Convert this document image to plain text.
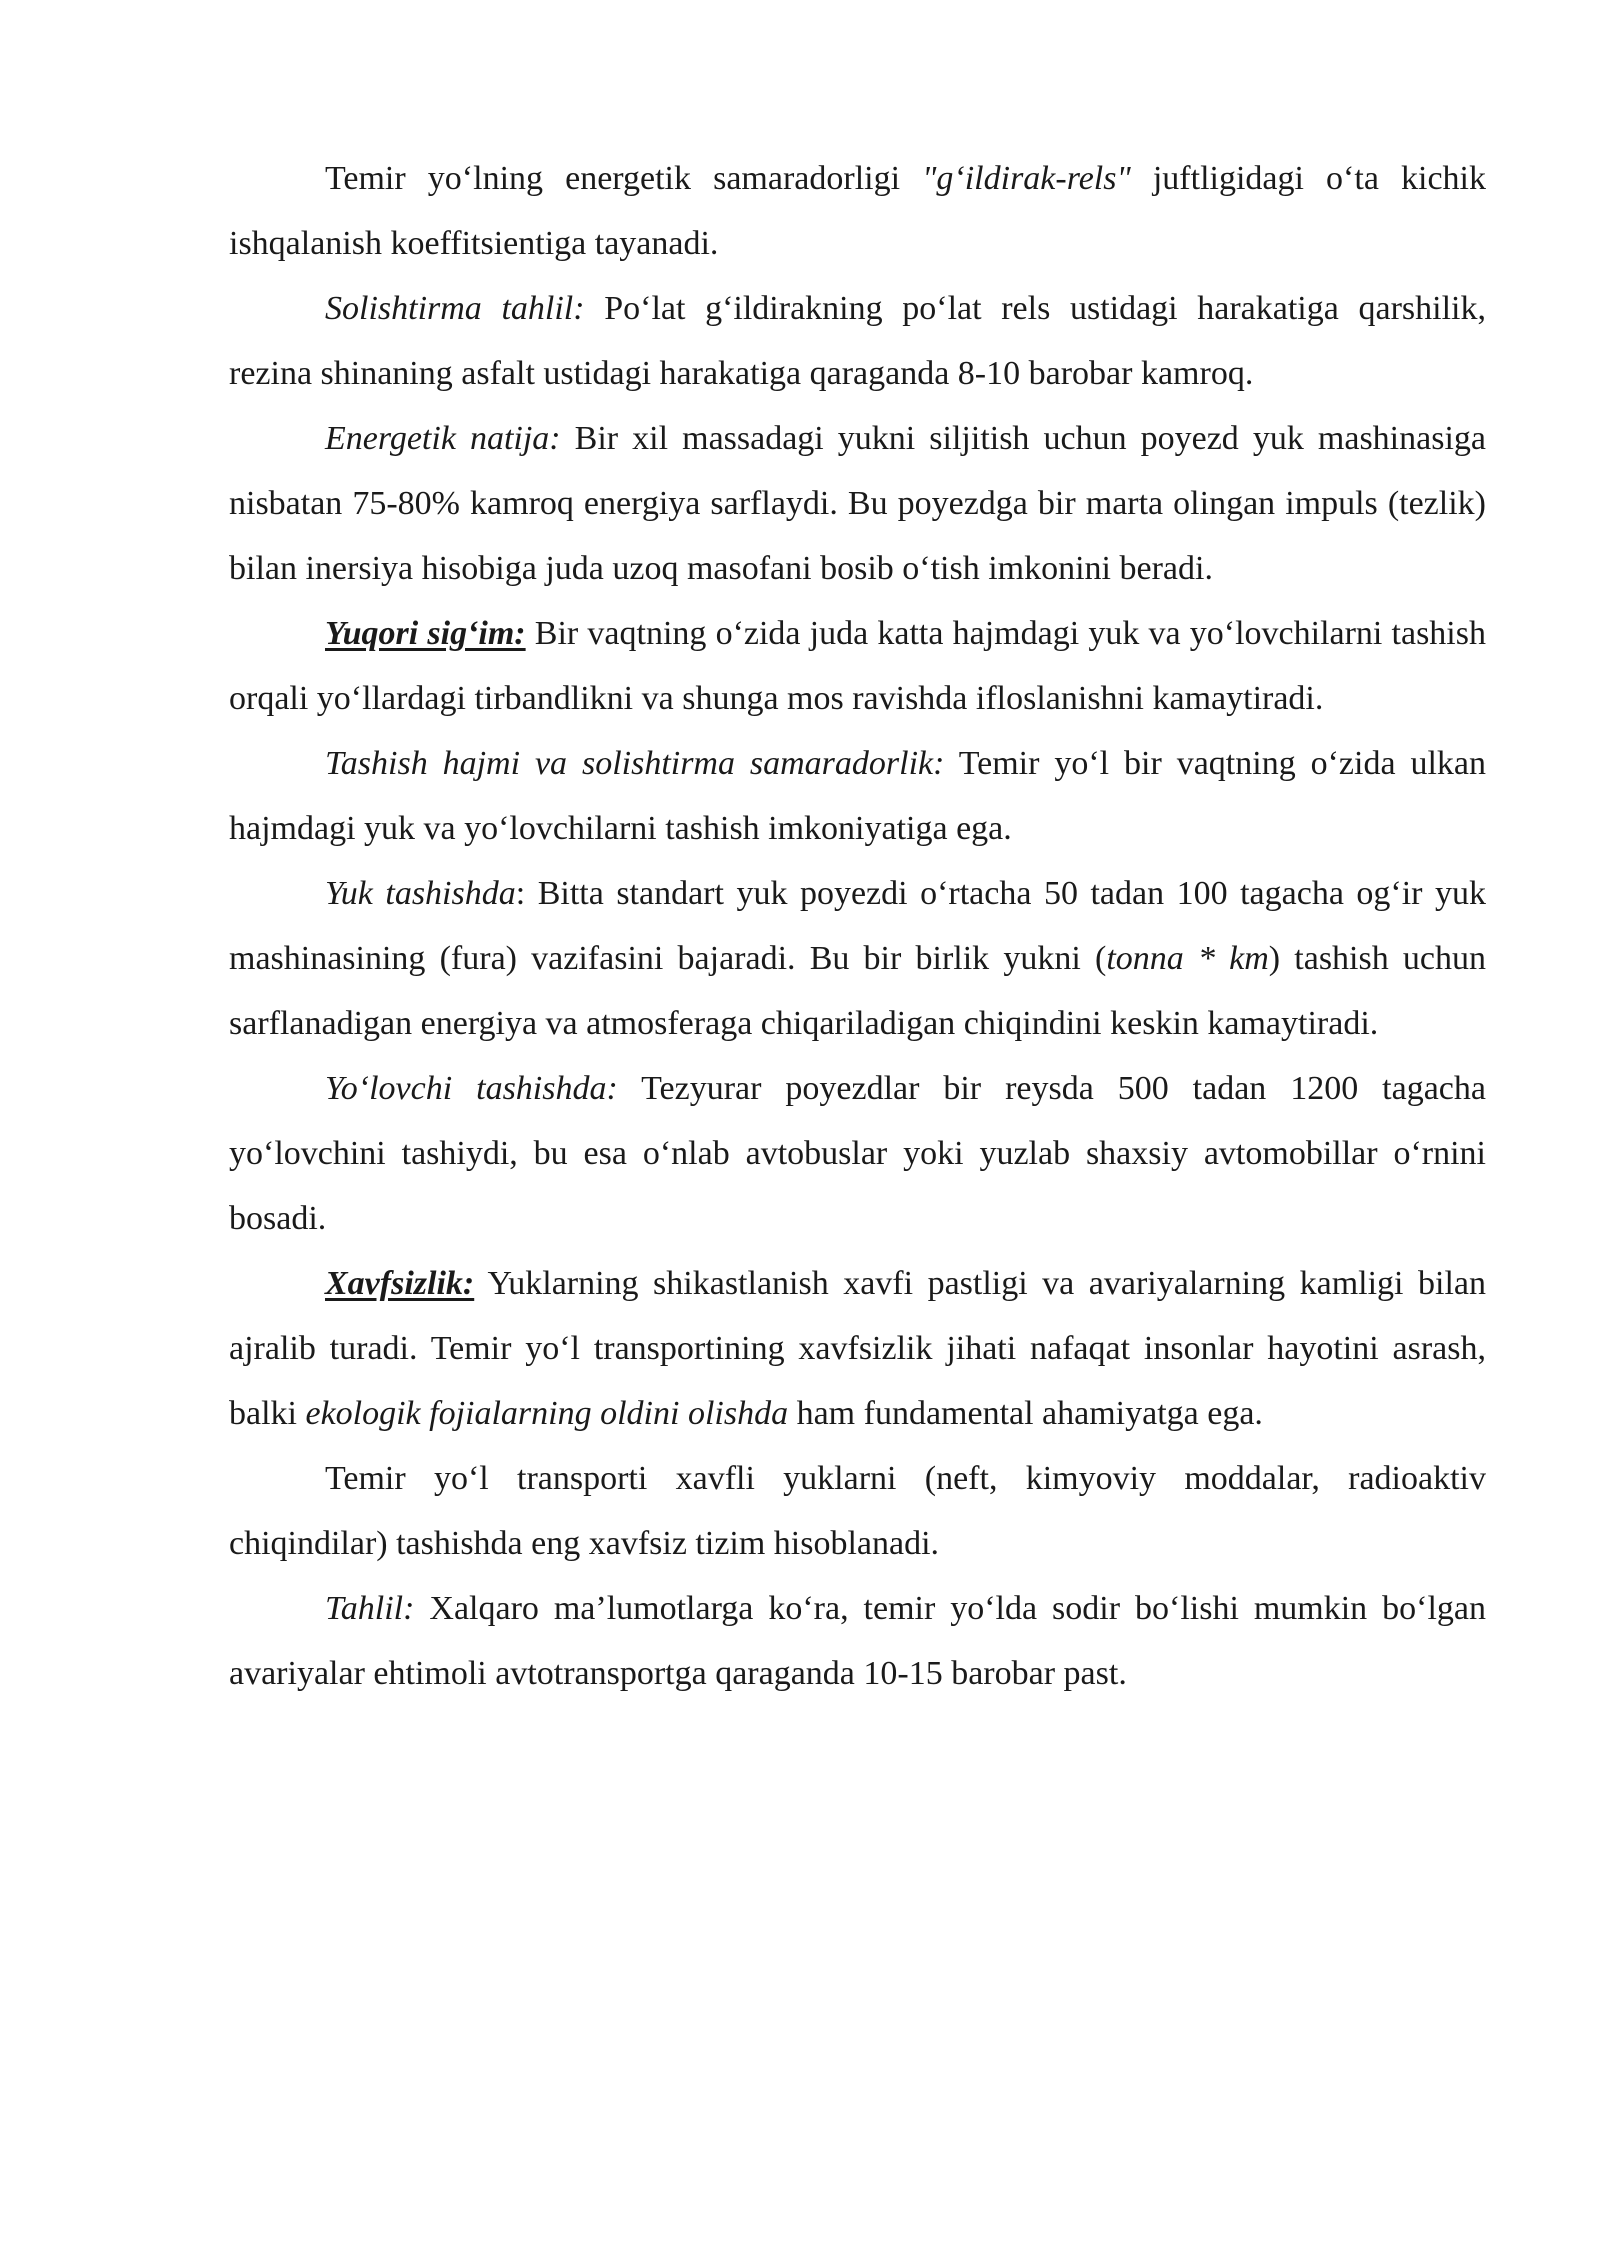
Temir yo‘lning energetik samaradorligi "g‘ildirak-rels" juftligidagi o‘ta kichik ishqalanish koeffitsientiga tayanadi.

Solishtirma tahlil: Po‘lat g‘ildirakning po‘lat rels ustidagi harakatiga qarshilik, rezina shinaning asfalt ustidagi harakatiga qaraganda 8-10 barobar kamroq.

Energetik natija: Bir xil massadagi yukni siljitish uchun poyezd yuk mashinasiga nisbatan 75-80% kamroq energiya sarflaydi. Bu poyezdga bir marta olingan impuls (tezlik) bilan inersiya hisobiga juda uzoq masofani bosib o‘tish imkonini beradi.

Yuqori sig‘im: Bir vaqtning o‘zida juda katta hajmdagi yuk va yo‘lovchilarni tashish orqali yo‘llardagi tirbandlikni va shunga mos ravishda ifloslanishni kamaytiradi.

Tashish hajmi va solishtirma samaradorlik: Temir yo‘l bir vaqtning o‘zida ulkan hajmdagi yuk va yo‘lovchilarni tashish imkoniyatiga ega.

Yuk tashishda: Bitta standart yuk poyezdi o‘rtacha 50 tadan 100 tagacha og‘ir yuk mashinasining (fura) vazifasini bajaradi. Bu bir birlik yukni (tonna * km) tashish uchun sarflanadigan energiya va atmosferaga chiqariladigan chiqindini keskin kamaytiradi.

Yo‘lovchi tashishda: Tezyurar poyezdlar bir reysda 500 tadan 1200 tagacha yo‘lovchini tashiydi, bu esa o‘nlab avtobuslar yoki yuzlab shaxsiy avtomobillar o‘rnini bosadi.

Xavfsizlik: Yuklarning shikastlanish xavfi pastligi va avariyalarning kamligi bilan ajralib turadi. Temir yo‘l transportining xavfsizlik jihati nafaqat insonlar hayotini asrash, balki ekologik fojialarning oldini olishda ham fundamental ahamiyatga ega.

Temir yo‘l transporti xavfli yuklarni (neft, kimyoviy moddalar, radioaktiv chiqindilar) tashishda eng xavfsiz tizim hisoblanadi.

Tahlil: Xalqaro ma’lumotlarga ko‘ra, temir yo‘lda sodir bo‘lishi mumkin bo‘lgan avariyalar ehtimoli avtotransportga qaraganda 10-15 barobar past.
